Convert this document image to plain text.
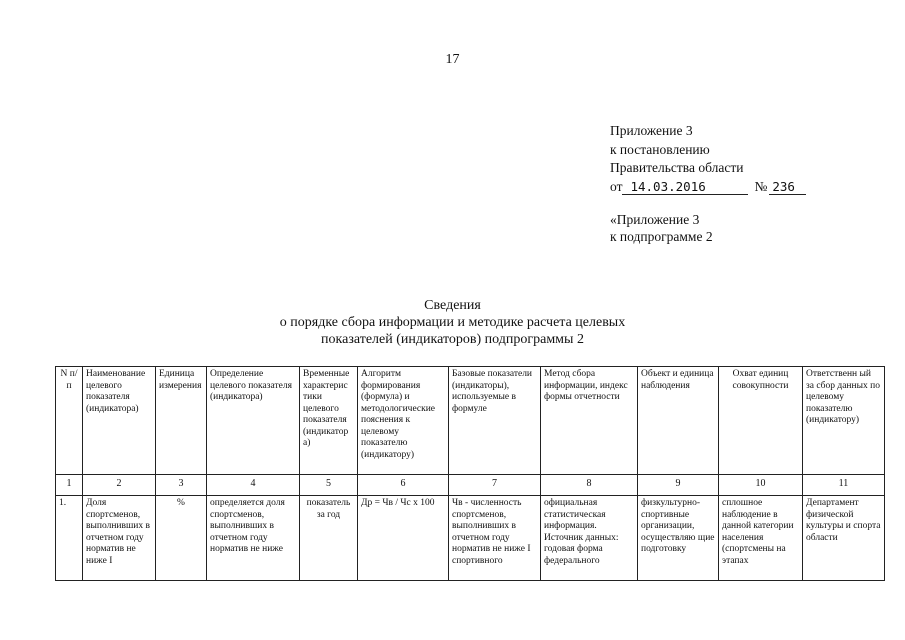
17
Приложение 3
к постановлению
Правительства области
от 14.03.2016	№ 236
«Приложение 3
к подпрограмме 2
Сведения
о порядке сбора информации и методике расчета целевых
показателей (индикаторов) подпрограммы 2
N п/п	Наименование целевого показателя (индикатора)	Единица измерения	Определение целевого показателя (индикатора)	Временные характерис тики целевого показателя (индикатор а)	Алгоритм формирования (формула) и методологические пояснения к целевому показателю (индикатору)	Базовые показатели (индикаторы), используемые в формуле	Метод сбора информации, индекс формы отчетности	Объект и единица наблюдения	Охват единиц совокупности	Ответственн ый за сбор данных по целевому показателю (индикатору)
1	2	3	4	5	6	7	8	9	10	11
1.	Доля спортсменов, выполнивших в отчетном году норматив не ниже I	%	определяется доля спортсменов, выполнивших в отчетном году норматив не ниже	показатель за год	Др = Чв / Чс х 100	Чв - численность спортсменов, выполнивших в отчетном году норматив не ниже I спортивного	официальная статистическая информация. Источник данных: годовая форма федерального	физкультурно-спортивные организации, осуществляю щие подготовку	сплошное наблюдение в данной категории населения (спортсмены на этапах	Департамент физической культуры и спорта области
